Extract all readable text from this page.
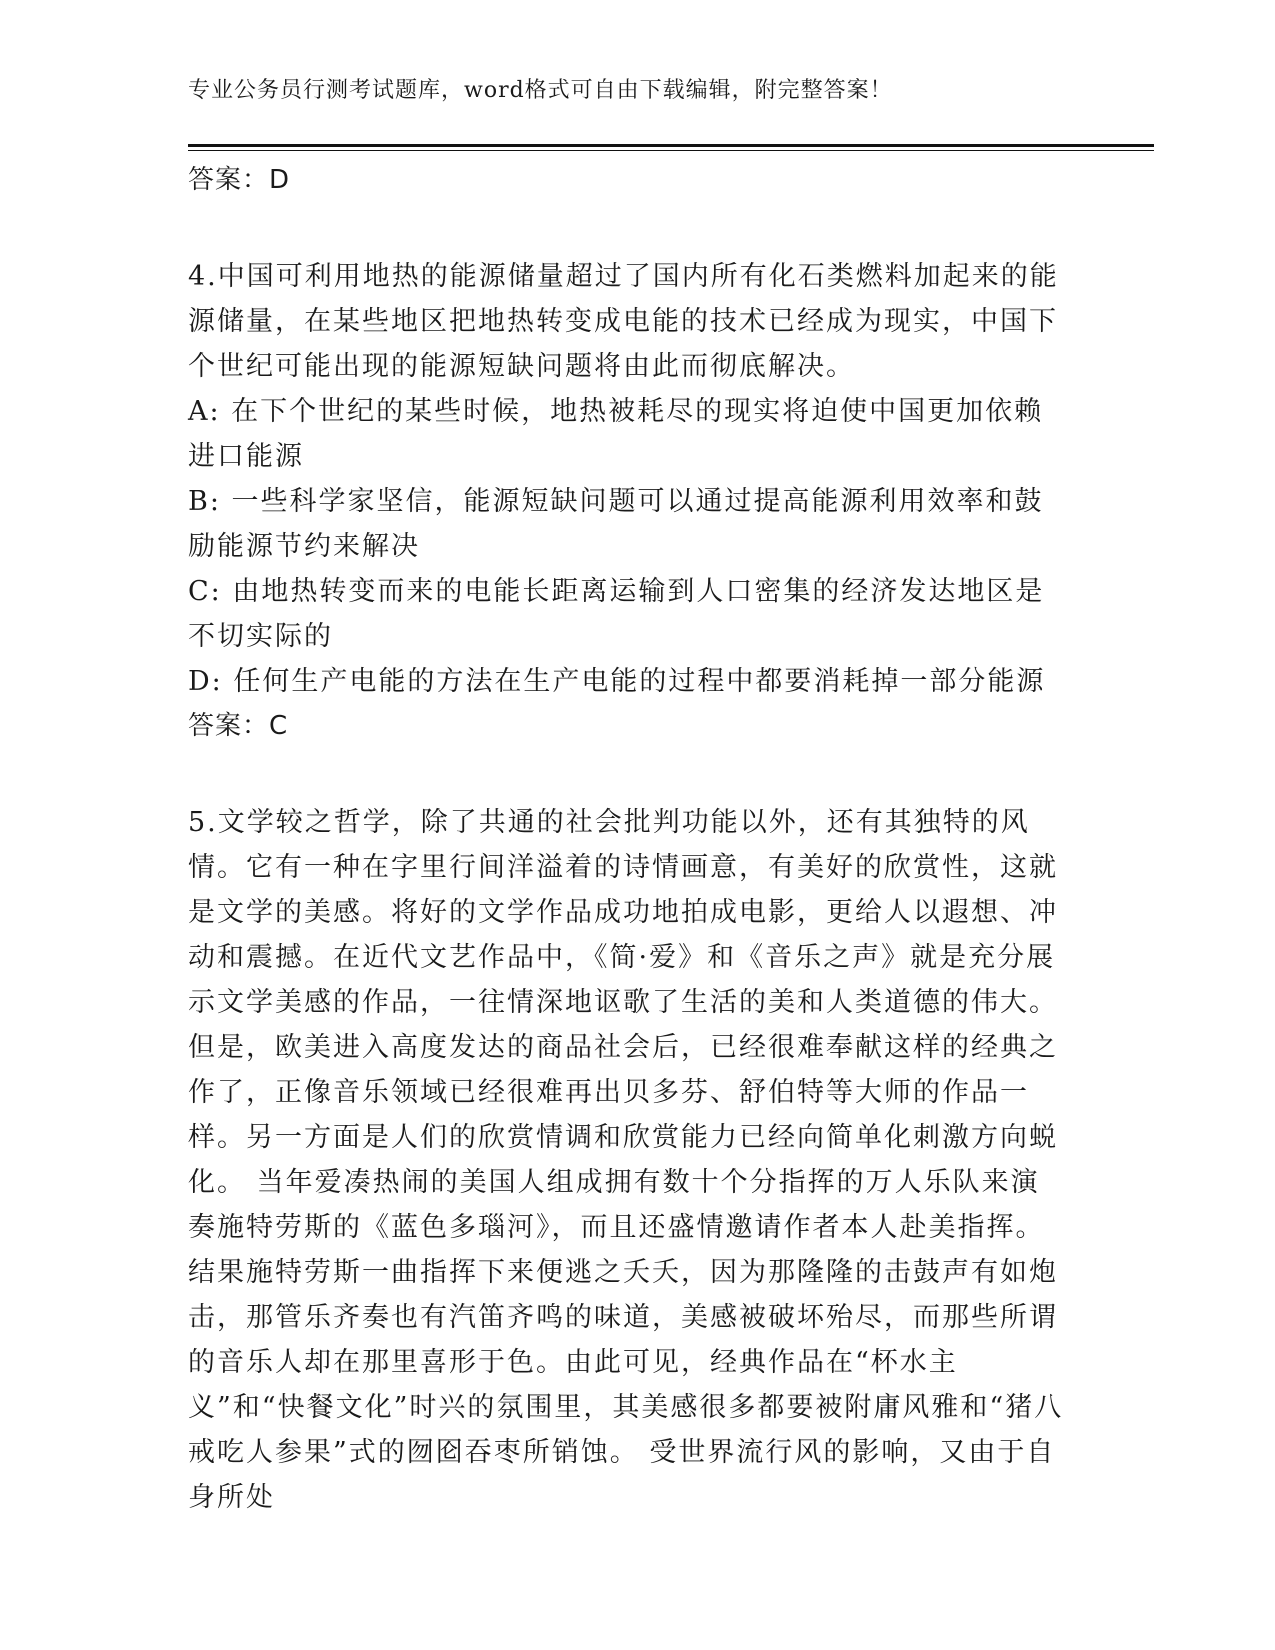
专业公务员行测考试题库，word格式可自由下载编辑，附完整答案！

答案：D

4.中国可利用地热的能源储量超过了国内所有化石类燃料加起来的能源储量，在某些地区把地热转变成电能的技术已经成为现实，中国下个世纪可能出现的能源短缺问题将由此而彻底解决。

A: 在下个世纪的某些时候，地热被耗尽的现实将迫使中国更加依赖进口能源

B: 一些科学家坚信，能源短缺问题可以通过提高能源利用效率和鼓励能源节约来解决

C: 由地热转变而来的电能长距离运输到人口密集的经济发达地区是不切实际的

D: 任何生产电能的方法在生产电能的过程中都要消耗掉一部分能源

答案：C

5.文学较之哲学，除了共通的社会批判功能以外，还有其独特的风情。它有一种在字里行间洋溢着的诗情画意，有美好的欣赏性，这就是文学的美感。将好的文学作品成功地拍成电影，更给人以遐想、冲动和震撼。在近代文艺作品中，《简·爱》和《音乐之声》就是充分展示文学美感的作品，一往情深地讴歌了生活的美和人类道德的伟大。但是，欧美进入高度发达的商品社会后，已经很难奉献这样的经典之作了，正像音乐领域已经很难再出贝多芬、舒伯特等大师的作品一样。另一方面是人们的欣赏情调和欣赏能力已经向简单化刺激方向蜕化。 当年爱凑热闹的美国人组成拥有数十个分指挥的万人乐队来演奏施特劳斯的《蓝色多瑙河》，而且还盛情邀请作者本人赴美指挥。结果施特劳斯一曲指挥下来便逃之夭夭，因为那隆隆的击鼓声有如炮击，那管乐齐奏也有汽笛齐鸣的味道，美感被破坏殆尽，而那些所谓的音乐人却在那里喜形于色。由此可见，经典作品在“杯水主义”和“快餐文化”时兴的氛围里，其美感很多都要被附庸风雅和“猪八戒吃人参果”式的囫囵吞枣所销蚀。 受世界流行风的影响，又由于自身所处
